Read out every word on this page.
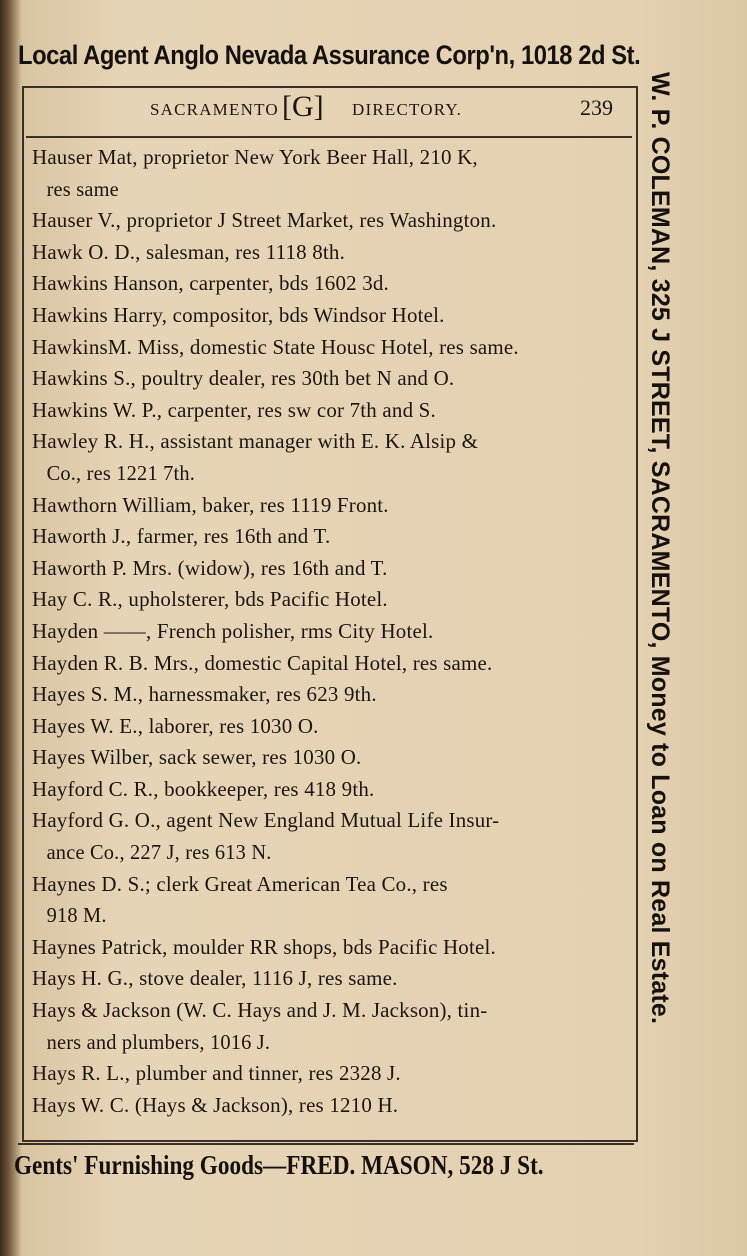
Local Agent Anglo Nevada Assurance Corp'n, 1018 2d St.
SACRAMENTO [G] DIRECTORY.	239
Hauser Mat, proprietor New York Beer Hall, 210 K,
res same
Hauser V., proprietor J Street Market, res Washington.
Hawk O. D., salesman, res 1118 8th.
Hawkins Hanson, carpenter, bds 1602 3d.
Hawkins Harry, compositor, bds Windsor Hotel.
HawkinsM. Miss, domestic State Housc Hotel, res same.
Hawkins S., poultry dealer, res 30th bet N and O.
Hawkins W. P., carpenter, res sw cor 7th and S.
Hawley R. H., assistant manager with E. K. Alsip &
Co., res 1221 7th.
Hawthorn William, baker, res 1119 Front.
Haworth J., farmer, res 16th and T.
Haworth P. Mrs. (widow), res 16th and T.
Hay C. R., upholsterer, bds Pacific Hotel.
Hayden ——, French polisher, rms City Hotel.
Hayden R. B. Mrs., domestic Capital Hotel, res same.
Hayes S. M., harnessmaker, res 623 9th.
Hayes W. E., laborer, res 1030 O.
Hayes Wilber, sack sewer, res 1030 O.
Hayford C. R., bookkeeper, res 418 9th.
Hayford G. O., agent New England Mutual Life Insur-
ance Co., 227 J, res 613 N.
Haynes D. S.; clerk Great American Tea Co., res
918 M.
Haynes Patrick, moulder RR shops, bds Pacific Hotel.
Hays H. G., stove dealer, 1116 J, res same.
Hays & Jackson (W. C. Hays and J. M. Jackson), tin-
ners and plumbers, 1016 J.
Hays R. L., plumber and tinner, res 2328 J.
Hays W. C. (Hays & Jackson), res 1210 H.
W. P. COLEMAN, 325 J STREET, SACRAMENTO, Money to Loan on Real Estate.
Gents' Furnishing Goods—FRED. MASON, 528 J St.
